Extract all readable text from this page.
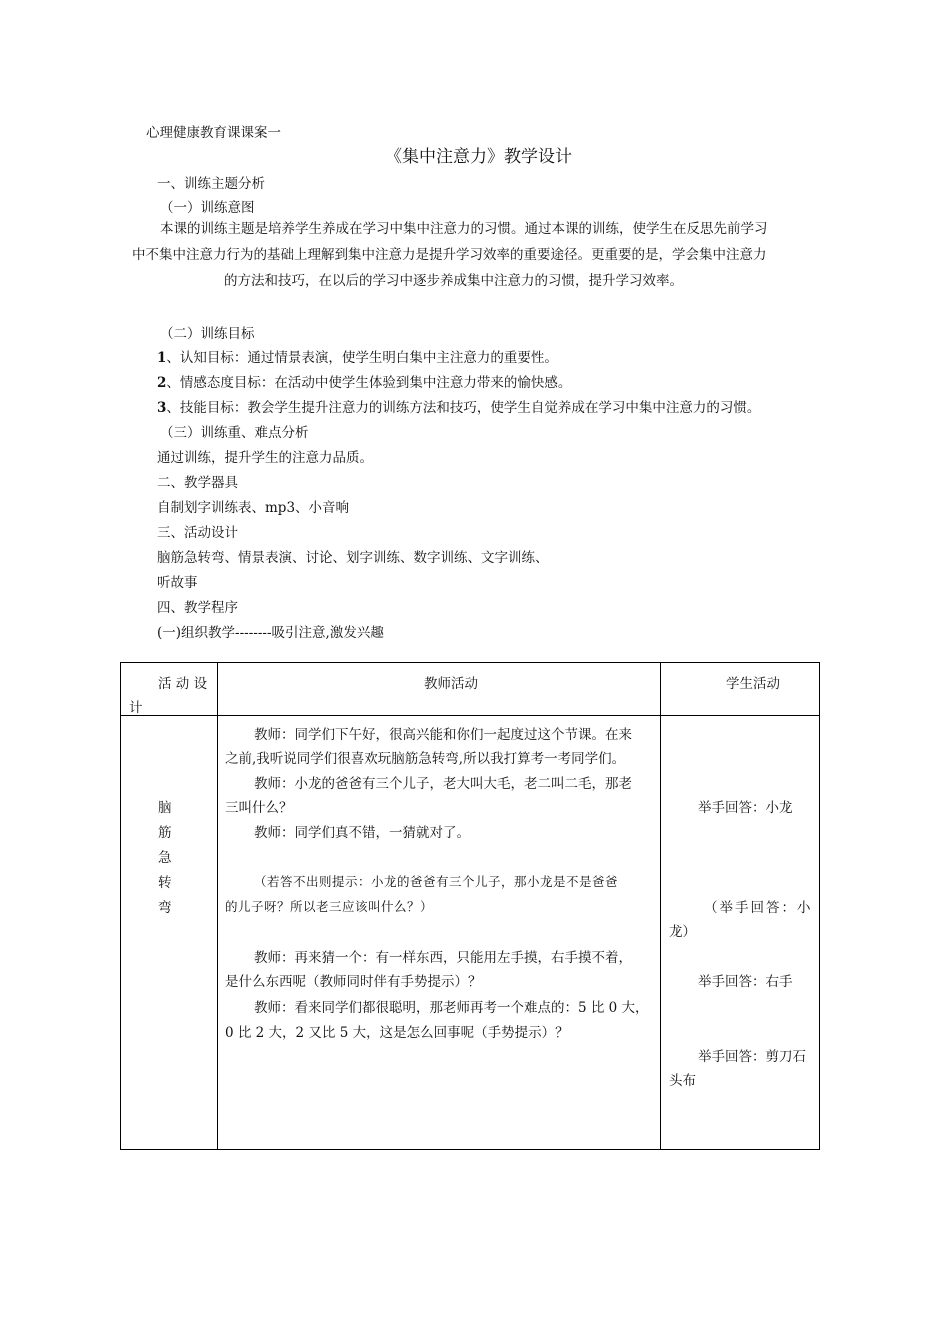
心理健康教育课课案一
《集中注意力》教学设计
一、训练主题分析
（一）训练意图
本课的训练主题是培养学生养成在学习中集中注意力的习惯。通过本课的训练，使学生在反思先前学习
中不集中注意力行为的基础上理解到集中注意力是提升学习效率的重要途径。更重要的是，学会集中注意力
的方法和技巧，在以后的学习中逐步养成集中注意力的习惯，提升学习效率。
（二）训练目标
1、认知目标：通过情景表演，使学生明白集中主注意力的重要性。
2、情感态度目标：在活动中使学生体验到集中注意力带来的愉快感。
3、技能目标：教会学生提升注意力的训练方法和技巧，使学生自觉养成在学习中集中注意力的习惯。
（三）训练重、难点分析
通过训练，提升学生的注意力品质。
二、教学器具
自制划字训练表、mp3、小音响
三、活动设计
脑筋急转弯、情景表演、讨论、划字训练、数字训练、文字训练、
听故事
四、教学程序
(一)组织教学--------吸引注意,激发兴趣
活 动 设
计
教师活动	学生活动
脑
筋
急
转
弯
教师：同学们下午好，很高兴能和你们一起度过这个节课。在来
之前,我听说同学们很喜欢玩脑筋急转弯,所以我打算考一考同学们。
教师：小龙的爸爸有三个儿子，老大叫大毛，老二叫二毛，那老
三叫什么？
教师：同学们真不错，一猜就对了。
（若答不出则提示：小龙的爸爸有三个儿子，那小龙是不是爸爸
的儿子呀？所以老三应该叫什么？）
教师：再来猜一个：有一样东西，只能用左手摸，右手摸不着，
是什么东西呢（教师同时伴有手势提示）？
教师：看来同学们都很聪明，那老师再考一个难点的：5 比 0 大，
0 比 2 大，2 又比 5 大，这是怎么回事呢（手势提示）？
举手回答：小龙
（举手回答：小
龙）
举手回答：右手
举手回答：剪刀石
头布
